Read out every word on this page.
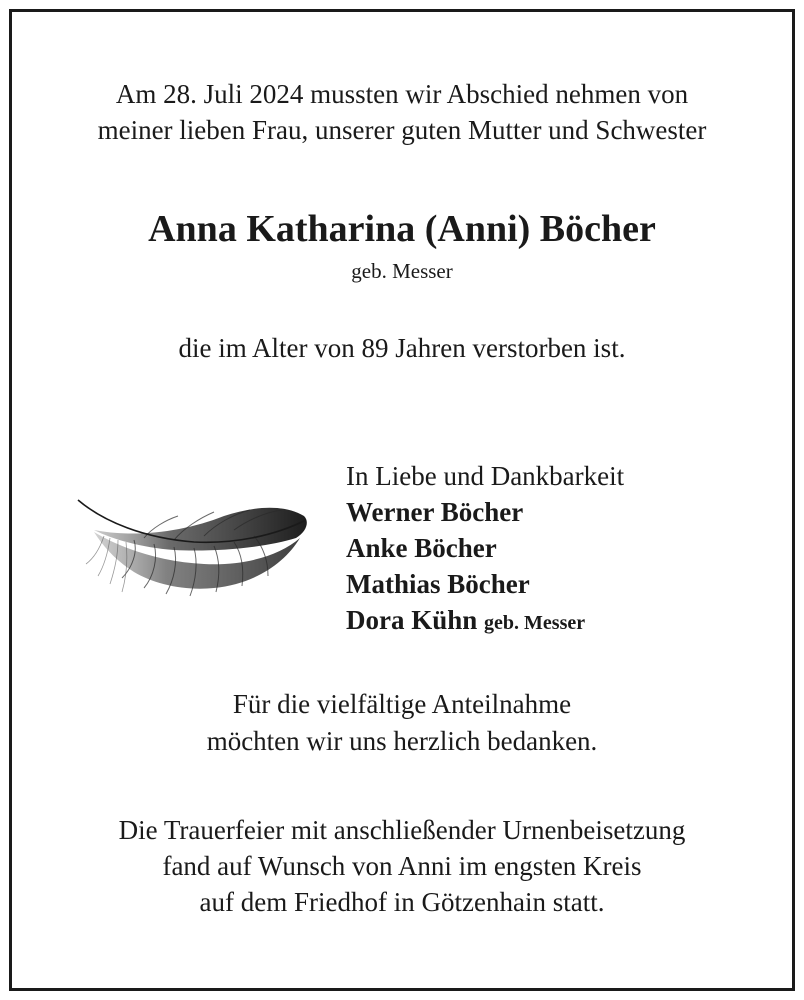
Am 28. Juli 2024 mussten wir Abschied nehmen von
meiner lieben Frau, unserer guten Mutter und Schwester
Anna Katharina (Anni) Böcher
geb. Messer
die im Alter von 89 Jahren verstorben ist.
In Liebe und Dankbarkeit
Werner Böcher
Anke Böcher
Mathias Böcher
Dora Kühn geb. Messer
Für die vielfältige Anteilnahme
möchten wir uns herzlich bedanken.
Die Trauerfeier mit anschließender Urnenbeisetzung
fand auf Wunsch von Anni im engsten Kreis
auf dem Friedhof in Götzenhain statt.
